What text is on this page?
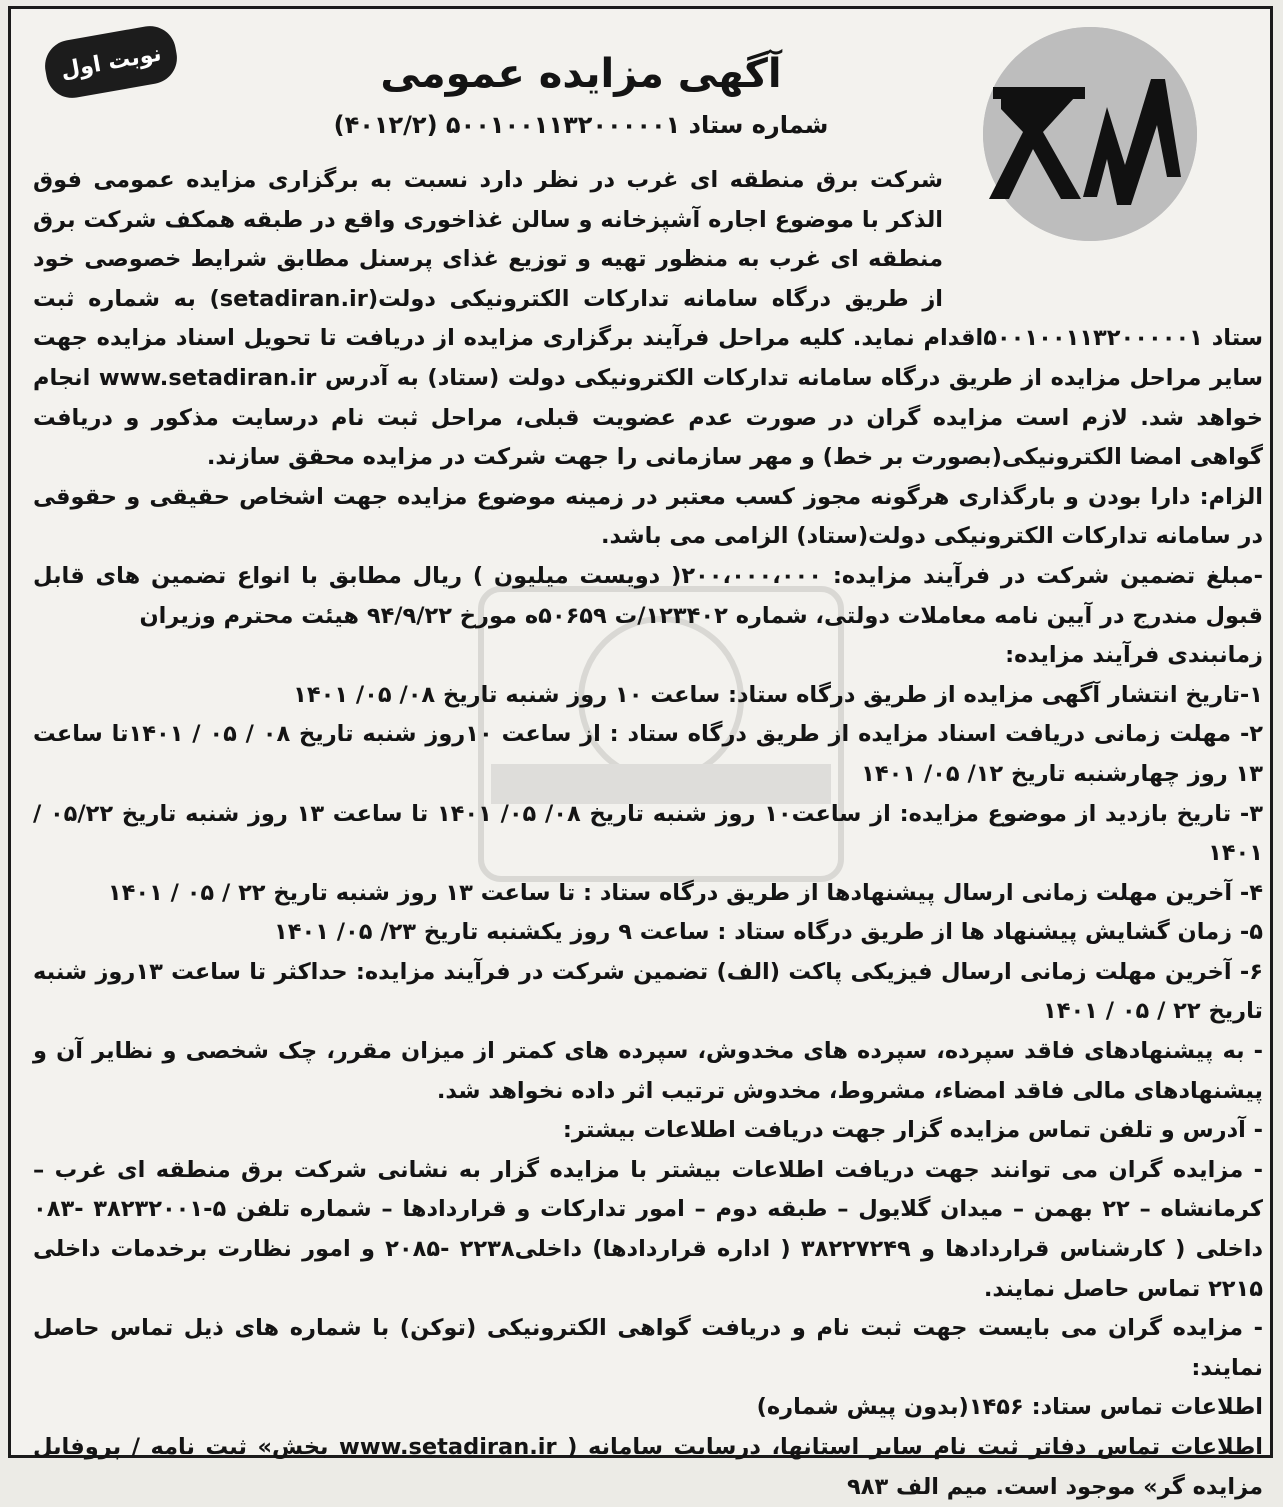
نوبت اول	آگهی مزایده عمومی
شماره ستاد ۵۰۰۱۰۰۱۱۳۲۰۰۰۰۰۱ (۴۰۱۲/۲)

شرکت برق منطقه ای غرب در نظر دارد نسبت به برگزاری مزایده عمومی فوق الذکر با موضوع اجاره آشپزخانه و سالن غذاخوری واقع در طبقه همکف شرکت برق منطقه ای غرب به منظور تهیه و توزیع غذای پرسنل مطابق شرایط خصوصی خود از طریق درگاه سامانه تدارکات الکترونیکی دولت(setadiran.ir) به شماره ثبت ستاد ۵۰۰۱۰۰۱۱۳۲۰۰۰۰۰۱اقدام نماید. کلیه مراحل فرآیند برگزاری مزایده از دریافت تا تحویل اسناد مزایده جهت سایر مراحل مزایده از طریق درگاه سامانه تدارکات الکترونیکی دولت (ستاد) به آدرس www.setadiran.ir انجام خواهد شد. لازم است مزایده گران در صورت عدم عضویت قبلی، مراحل ثبت نام درسایت مذکور و دریافت گواهی امضا الکترونیکی(بصورت بر خط) و مهر سازمانی را جهت شرکت در مزایده محقق سازند.

الزام: دارا بودن و بارگذاری هرگونه مجوز کسب معتبر در زمینه موضوع مزایده جهت اشخاص حقیقی و حقوقی در سامانه تدارکات الکترونیکی دولت(ستاد) الزامی می باشد.

-مبلغ تضمین شرکت در فرآیند مزایده: ۲۰۰،۰۰۰،۰۰۰( دویست میلیون ) ریال مطابق با انواع تضمین های قابل قبول مندرج در آیین نامه معاملات دولتی، شماره ۱۲۳۴۰۲/ت ۵۰۶۵۹ه مورخ ۹۴/۹/۲۲ هیئت محترم وزیران

زمانبندی فرآیند مزایده:

۱-تاریخ انتشار آگهی مزایده از طریق درگاه ستاد: ساعت ۱۰ روز شنبه تاریخ ۰۸/ ۰۵/ ۱۴۰۱

۲- مهلت زمانی دریافت اسناد مزایده از طریق درگاه ستاد : از ساعت ۱۰روز شنبه تاریخ ۰۸ / ۰۵ / ۱۴۰۱تا ساعت ۱۳ روز چهارشنبه تاریخ ۱۲/ ۰۵/ ۱۴۰۱

۳- تاریخ بازدید از موضوع مزایده: از ساعت۱۰ روز شنبه تاریخ ۰۸/ ۰۵/ ۱۴۰۱ تا ساعت ۱۳ روز شنبه تاریخ ۰۵/۲۲ / ۱۴۰۱

۴- آخرین مهلت زمانی ارسال پیشنهادها از طریق درگاه ستاد : تا ساعت ۱۳ روز شنبه تاریخ ۲۲ / ۰۵ / ۱۴۰۱

۵- زمان گشایش پیشنهاد ها از طریق درگاه ستاد : ساعت ۹ روز یکشنبه تاریخ ۲۳/ ۰۵/ ۱۴۰۱

۶- آخرین مهلت زمانی ارسال فیزیکی پاکت (الف) تضمین شرکت در فرآیند مزایده: حداکثر تا ساعت ۱۳روز شنبه تاریخ ۲۲ / ۰۵ / ۱۴۰۱

- به پیشنهادهای فاقد سپرده، سپرده های مخدوش، سپرده های کمتر از میزان مقرر، چک شخصی و نظایر آن و پیشنهادهای مالی فاقد امضاء، مشروط، مخدوش ترتیب اثر داده نخواهد شد.

- آدرس و تلفن تماس مزایده گزار جهت دریافت اطلاعات بیشتر:

- مزایده گران می توانند جهت دریافت اطلاعات بیشتر با مزایده گزار به نشانی شرکت برق منطقه ای غرب – کرمانشاه – ۲۲ بهمن – میدان گلایول – طبقه دوم – امور تدارکات و قراردادها – شماره تلفن ۵-۳۸۲۳۲۰۰۱ -۰۸۳ داخلی ( کارشناس قراردادها و ۳۸۲۲۷۲۴۹ ( اداره قراردادها) داخلی۲۲۳۸ -۲۰۸۵ و امور نظارت برخدمات داخلی ۲۲۱۵ تماس حاصل نمایند.

- مزایده گران می بایست جهت ثبت نام و دریافت گواهی الکترونیکی (توکن) با شماره های ذیل تماس حاصل نمایند:

اطلاعات تماس ستاد: ۱۴۵۶(بدون پیش شماره)

اطلاعات تماس دفاتر ثبت نام سایر استانها، درسایت سامانه ( www.setadiran.ir بخش» ثبت نامه / پروفایل مزایده گر» موجود است. میم الف ۹۸۳
